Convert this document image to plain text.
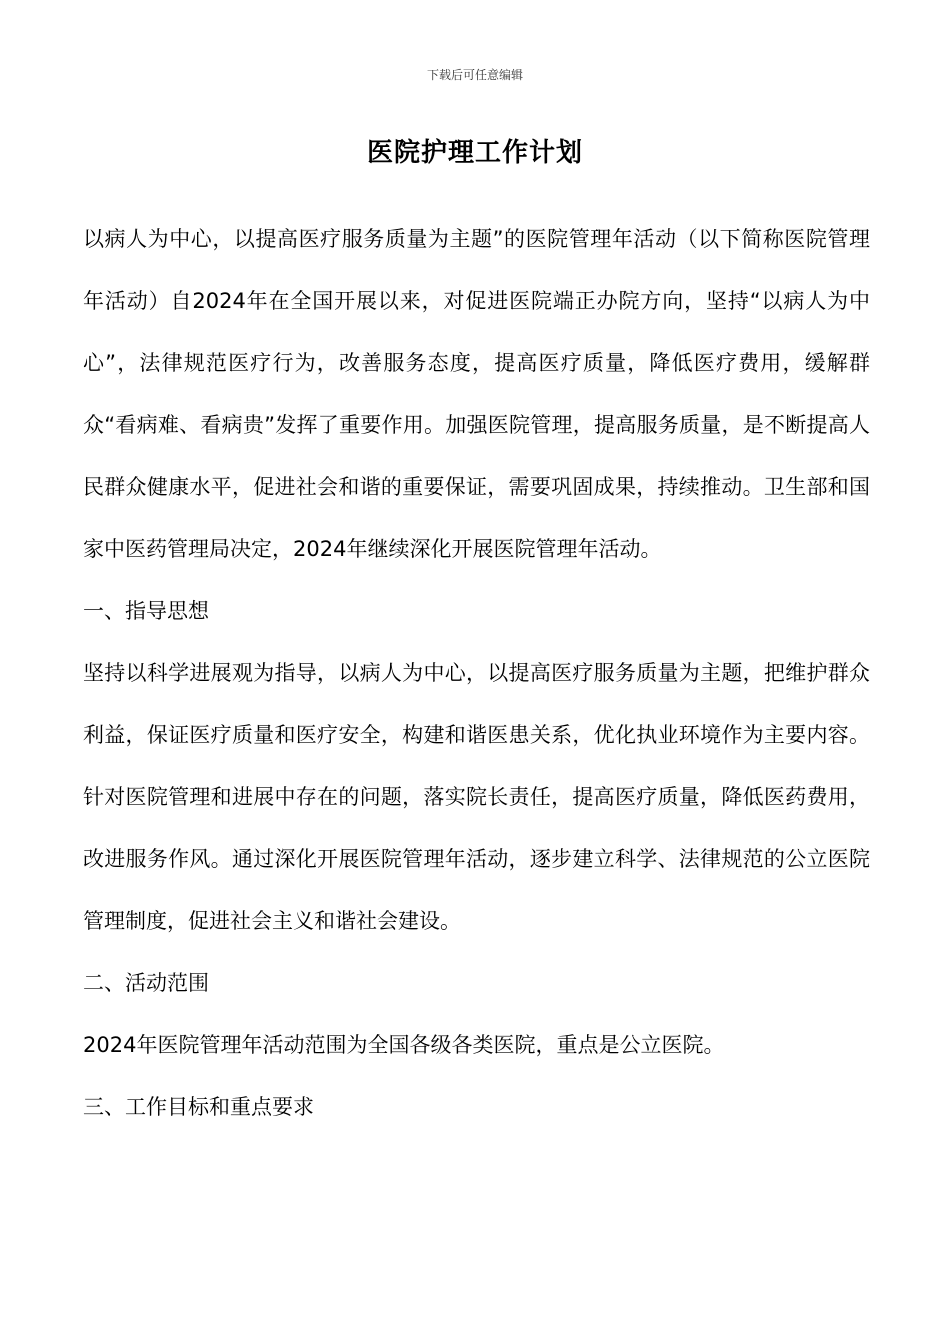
下载后可任意编辑
医院护理工作计划

以病人为中心，以提高医疗服务质量为主题”的医院管理年活动（以下简称医院管理年活动）自2024年在全国开展以来，对促进医院端正办院方向，坚持“以病人为中心”，法律规范医疗行为，改善服务态度，提高医疗质量，降低医疗费用，缓解群众“看病难、看病贵”发挥了重要作用。加强医院管理，提高服务质量，是不断提高人民群众健康水平，促进社会和谐的重要保证，需要巩固成果，持续推动。卫生部和国家中医药管理局决定，2024年继续深化开展医院管理年活动。

一、指导思想

坚持以科学进展观为指导，以病人为中心，以提高医疗服务质量为主题，把维护群众利益，保证医疗质量和医疗安全，构建和谐医患关系，优化执业环境作为主要内容。针对医院管理和进展中存在的问题，落实院长责任，提高医疗质量，降低医药费用，改进服务作风。通过深化开展医院管理年活动，逐步建立科学、法律规范的公立医院管理制度，促进社会主义和谐社会建设。

二、活动范围

2024年医院管理年活动范围为全国各级各类医院，重点是公立医院。

三、工作目标和重点要求
